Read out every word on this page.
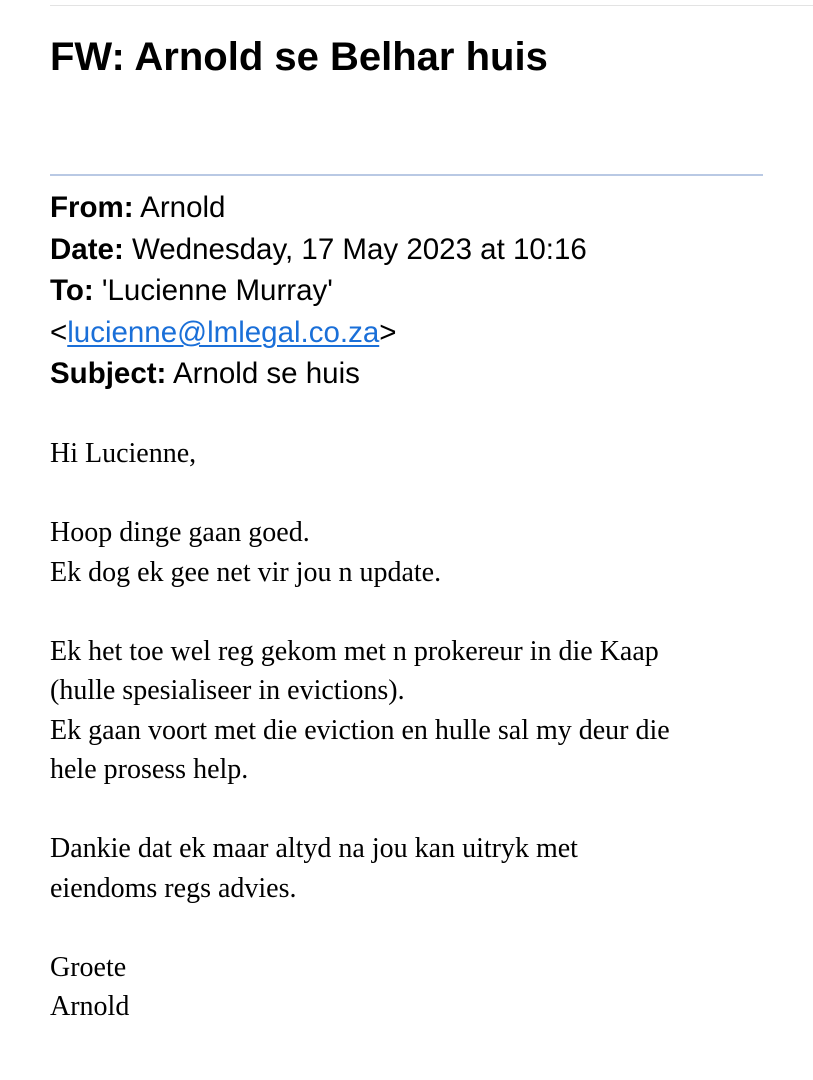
FW: Arnold se Belhar huis
From: Arnold
Date: Wednesday, 17 May 2023 at 10:16
To: 'Lucienne Murray'
<lucienne@lmlegal.co.za>
Subject: Arnold se huis

Hi Lucienne,

Hoop dinge gaan goed.

Ek dog ek gee net vir jou n update.

Ek het toe wel reg gekom met n prokereur in die Kaap

(hulle spesialiseer in evictions).

Ek gaan voort met die eviction en hulle sal my deur die

hele prosess help.

Dankie dat ek maar altyd na jou kan uitryk met

eiendoms regs advies.

Groete

Arnold
